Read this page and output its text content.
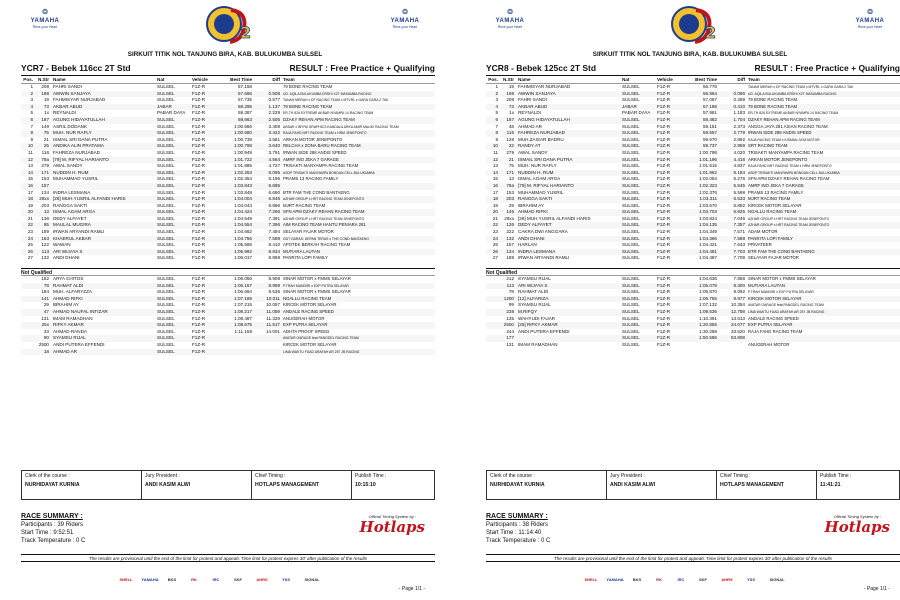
❂
YAMAHA
Revs your Heart
❂
YAMAHA
Revs your Heart
2
SIRKUIT TITIK NOL TANJUNG BIRA, KAB. BULUKUMBA SULSEL
YCR7 - Bebek 116cc 2T Std	RESULT : Free Practice + Qualifying
Pos.	N.Str Name	Nat	Vehicle	Best Time	Diff Team
1	208 FAHRI SANDI	SULSEL	F1Z-R	57.158	79 BONE RACING TEAM
2	198 AWWIN SANJAYA	SULSEL	F1Z-R	57.666	0.508 UD. AQILA BULUKUMBA ERSHI X2T MASAMBA RACING
3	19 FAHMISYAR NURJABAD	SULSEL	F1Z-R	57.735	0.577 TANAH MERAH x DF RACING TEAM x MTVRL x GARA GARA 2 TAK
4	73 AKBAR ABUD	JABAR	F1Z-R	58.295	1.137 79 BONE RACING TEAM
5	1x REYNALDI	PABAR DAYA	F1Z-R	59.387	2.229 ER-TH 826 EXTREME AKBAR NYAMPA 14 RACING TEAM
6	187 AGUNG HIDAYATULLAH	SULSEL	F1Z-R	59.663	2.505 DZAKY REHAN APM RACING TEAM
7	149 ASRIL DODANK	SULSEL	F1Z-R	1:00.566	3.408 AKBAR x BRYM GRAPHICS KANDALA ARKA AMIR MALIKI RACING TEAM
8	75 MUH. NUR RAFLY	SULSEL	F1Z-R	1:00.580	3.422 RAJA FAHD NRT RACING TEAM x HRM JENEPONTO
9	21 ISMAIL SRI DANA PUTRA	SULSEL	F1Z-R	1:00.739	3.581 ARKAN MOTOR JENEPONTO
10	25 ANDIKA ALIN PRATAMA	SULSEL	F1Z-R	1:00.798	3.640 RELCHA x ZONA BARU RACING TEAM
11	116 FAHREZA NURJABAD	SULSEL	F1Z-R	1:00.949	3.791 IRWAN SIDE 288 ANDIS SPEED
12	79a [79] M. RIFYAL HARIANTO	SULSEL	F1Z-R	1:01.722	4.564 AMRF INO JEKA 7 GARAGE
13	279 AWAL SANDY	SULSEL	F1Z-R	1:01.885	4.727 TRISAKTI MANYAMPA RACING TEAM
14	171 NUDDIN H. RUM	SULSEL	F1Z-R	1:02.253	5.095 ASDP TRISAKTI MANYAMPA BONDAN CELL BULUKUMBA
15	153 MUHAMMAD YUSRIL	SULSEL	F1Z-R	1:02.354	5.196 PRAMS 13 RACING FAMILY
16	157	SULSEL	F1Z-R	1:03.843	6.685
17	134 INDRA LESMANA	SULSEL	F1Z-R	1:03.848	6.690 BTR FAM THE COND BANTAENG
18	28xx [28] MUH.YUSRIL ALFANDI HARIS	SULSEL	F1Z-R	1:04.004	6.846 AZHAR GROUP x HRT RACING TEAM JENEPONTO
19	203 RANGGA SAKTI	SULSEL	F1Z-R	1:04.044	6.886 MJRT RACING TEAM
20	13 ISMAL AGAM ARGA	SULSEL	F1Z-R	1:04.424	7.266 SFN APM DZAKY REHAN RACING TEAM
21	136 DEDY ALFAYET	SULSEL	F1Z-R	1:04.549	7.391 AZHAR GROUP x HRT RACING TEAM JENEPONTO
22	85 MAULAL MUGIRA	SULSEL	F1Z-R	1:04.554	7.396 AIM RACING TEAM HANTU PENIARA 281
23	189 IRWAN ARYANDI RAMLI	SULSEL	F1Z-R	1:04.662	7.494 SELAYAR FAJAR MOTOR
24	163 KHAERUL AKBAR	SULSEL	F1Z-R	1:04.756	7.598 GDT GARAS: DEPAN TERAS x THE COND BANTAENG
25	122 WAWAN	SULSEL	F1Z-R	1:05.568	8.410 APOTEK BERKAH RACING TEAM
26	113 ARI WIJAYA S	SULSEL	F1Z-R	1:05.992	8.834 MUTIARA LAUTAN
27	132 ANDI DHANI	SULSEL	F1Z-R	1:06.017	8.859 PANRITA LOPI FAMILY
Not Qualified
152 ARYA CHITOS	SULSEL	F1Z-R	1:06.066	8.908 SINAR MOTOR x FMMS SELAYAR
78 RAHMAT ALDI	SULSEL	F1Z-R	1:06.157	8.999 P.TRAH MANDIRI x EXP PUTRA SELAYAR
184 MUH. ALFARYZZA	SULSEL	F1Z-R	1:06.694	9.536 SINAR MOTOR x FMMS SELAYAR
141 AHMAD RIFKI	SULSEL	F1Z-R	1:07.169	10.011 NGALLU RACING TEAM
29 IBRAHIM AY	SULSEL	F1Z-R	1:07.215	10.057 KIRCEK MOTOR SELAYAR
47 AHMAD NAUFAL INTIZAR	SULSEL	F1Z-R	1:08.217	11.059 ANDALE RACING SPEED
131 IMAM RAMADHAN	SULSEL	F1Z-R	1:08.487	11.329 ANUGERAH MOTOR
25x RIFKY AKMAR	SULSEL	F1Z-R	1:08.675	11.517 EXP PUTRA SELAYAR
33 AHMAD RANDA	SULSEL	F1Z-R	1:11.159	14.001 ADHTA PROOF SPEED
90 SYAMSU RIJAL	SULSEL	F1Z-R	AVATAR GARAGE feat PANGDEL RACING TEAM
2500 ANDI PUTERA EFFENDI	SULSEL	F1Z-R	KIRCEK MOTOR SELAYAR
18 AHMAD AR	SULSEL	F1Z-R	LIMA WAKTU FUAD ARAFAH AR 257 JB RACING
Clerk of the course :
NURHIDAYAT KURNIA
Jury President :
ANDI KASIM ALWI
Chief Timing :
HOTLAPS MANAGEMENT
Publish Time :
10:15:10
RACE SUMMARY :
Participants : 39 Riders
Start Time : 9:52:51
Track Temperature : 0 C
Official Timing System by :
Hotlaps
The results are provisional until the end of the limit for protest and appeals Time limit for protest expires 30' after publication of the results
SHELL	YAMAHA	BKS	RK	IRC	SKF	AHRS	YSS	SIGNAL
- Page 1/1 -
❂
YAMAHA
Revs your Heart
❂
YAMAHA
Revs your Heart
2
SIRKUIT TITIK NOL TANJUNG BIRA, KAB. BULUKUMBA SULSEL
YCR8 - Bebek 125cc 2T Std	RESULT : Free Practice + Qualifying
Pos.	N.Str Name	Nat	Vehicle	Best Time	Diff Team
1	19 FAHMISYAR NURJABAD	SULSEL	F1Z-R	56.778	TANAH MERAH x DF RACING TEAM x MTVRL x GARA GARA 2 TAK
2	198 AWWIN SANJAYA	SULSEL	F1Z-R	56.864	0.086 UD. AQILA BULUKUMBA ERSHI X2T MASAMBA RACING
3	208 FAHRI SANDI	SULSEL	F1Z-R	57.067	0.289 79 BONE RACING TEAM
4	73 AKBAR ABUD	JABAR	F1Z-R	57.188	0.410 79 BONE RACING TEAM
5	1x REYNALDI	PABAR DAYA	F1Z-R	57.961	1.183 ER-TH 826 EXTREME AKBAR NYAMPA 14 RACING TEAM
6	187 AGUNG HIDAYATULLAH	SULSEL	F1Z-R	58.482	1.704 DZAKY REHAN APM RACING TEAM
7	48 AHMAD AR	SULSEL	F1Z-R	59.151	2.373 ANGGA JAYA 281 ASIAN RACING TEAM
8	116 FAHREZA NURJABAD	SULSEL	F1Z-R	59.557	2.779 IRWAN SIDE 288 ANDIS SPEED
9	128 MUH.ZAISAR BADRU	SULSEL	F1Z-R	59.670	2.892 RAJA RACING TEAM x KISMAN JAYA MOTOR
10	22 RANDY AT	SULSEL	F1Z-R	59.737	2.959 SRT RACING TEAM
11	279 AWAL SANDY	SULSEL	F1Z-R	1:00.798	4.020 TRISAKTI MANYAMPA RACING TEAM
12	21 ISMAIL SRI DANA PUTRA	SULSEL	F1Z-R	1:01.196	4.418 ARKAN MOTOR JENEPONTO
13	75 MUH. NUR RAFLY	SULSEL	F1Z-R	1:01.615	4.837 RAJA FAHD NRT RACING TEAM x HRM JENEPONTO
14	171 NUDDIN H. RUM	SULSEL	F1Z-R	1:01.962	5.184 ASDP TRISAKTI MANYAMPA BONDAN CELL BULUKUMBA
15	13 ISMAL AGAM ARGA	SULSEL	F1Z-R	1:02.054	5.276 SFN APM DZAKY REHAN RACING TEAM
16	79a [79] M. RIFYAL HARIANTO	SULSEL	F1Z-R	1:02.323	5.545 AMRF INO JEKA 7 GARAGE
17	153 MUHAMMAD YUSRIL	SULSEL	F1Z-R	1:02.376	5.598 PRAMS 13 RACING FAMILY
18	203 RANGGA SAKTI	SULSEL	F1Z-R	1:03.311	6.533 MJRT RACING TEAM
19	29 IBRAHIM AY	SULSEL	F1Z-R	1:03.670	6.892 KIRCEK MOTOR SELAYAR
20	145 AHMAD RIFKI	SULSEL	F1Z-R	1:03.703	6.925 NGALLU RACING TEAM
21	28xx [28] MUH.YUSRIL ALFANDI HARIS	SULSEL	F1Z-R	1:03.824	7.046 AZHAR GROUP x HRT RACING TEAM JENEPONTO
22	136 DEDY ALFAYET	SULSEL	F1Z-R	1:04.135	7.357 AZHAR GROUP x HRT RACING TEAM JENEPONTO
23	222 CAKRA DWI ANGGARA	SULSEL	F1Z-R	1:04.349	7.571 ADAM MOTOR
24	132 ANDI DHANI	SULSEL	F1Z-R	1:04.366	7.588 PANRITA LOPI FAMILY
25	157 HARLAN	SULSEL	F1Z-R	1:04.421	7.643 PRIVATEER
26	134 INDRA LESMANA	SULSEL	F1Z-R	1:04.481	7.703 BTR FAM THE COND BANTAENG
27	189 IRWAN ARYANDI RAMLI	SULSEL	F1Z-R	1:04.487	7.709 SELAYAR FAJAR MOTOR
Not Qualified
212 SYAMSU RIJAL	SULSEL	F1Z-R	1:04.636	7.858 SINAR MOTOR x FMMS SELAYAR
113 ARI WIJAYA S	SULSEL	F1Z-R	1:05.078	8.300 MUTIARA LAUTAN
78 RAHMAT ALDI	SULSEL	F1Z-R	1:05.870	9.092 P.TRAH MANDIRI x EXP PUTRA SELAYAR
1200 [12] ALFARIZA	SULSEL	F1Z-R	1:06.755	9.977 KIRCEK MOTOR SELAYAR
99 SYAMSU RIJAL	SULSEL	F1Z-R	1:07.132	10.354 AVATAR GARAGE feat PANGDEL RACING TEAM
238 M.RIFQY	SULSEL	F1Z-R	1:09.536	12.758 LIMA WAKTU FUAD ARAFAH AR 257 JB RACING
135 WAHYUDI FAJAR	SULSEL	F1Z-R	1:10.391	13.613 ANDALE RACING SPEED
2500 [25] RIFKY AKMAR	SULSEL	F1Z-R	1:20.855	24.077 EXP PUTRA SELAYAR
244 ANDI PUTERA EFFENDI	SULSEL	F1Z-R	1:30.298	33.520 RAJA FAHD RACING TEAM
177	SULSEL	F1Z-R	1:50.586	53.808
131 IMAM RAMADHAN	SULSEL	F1Z-R	ANUGERAH MOTOR
Clerk of the course :
NURHIDAYAT KURNIA
Jury President :
ANDI KASIM ALWI
Chief Timing :
HOTLAPS MANAGEMENT
Publish Time :
11:41:21
RACE SUMMARY :
Participants : 38 Riders
Start Time : 11:14:40
Track Temperature : 0 C
Official Timing System by :
Hotlaps
The results are provisional until the end of the limit for protest and appeals Time limit for protest expires 30' after publication of the results
SHELL	YAMAHA	BKS	RK	IRC	SKF	AHRS	YSS	SIGNAL
- Page 1/1 -
